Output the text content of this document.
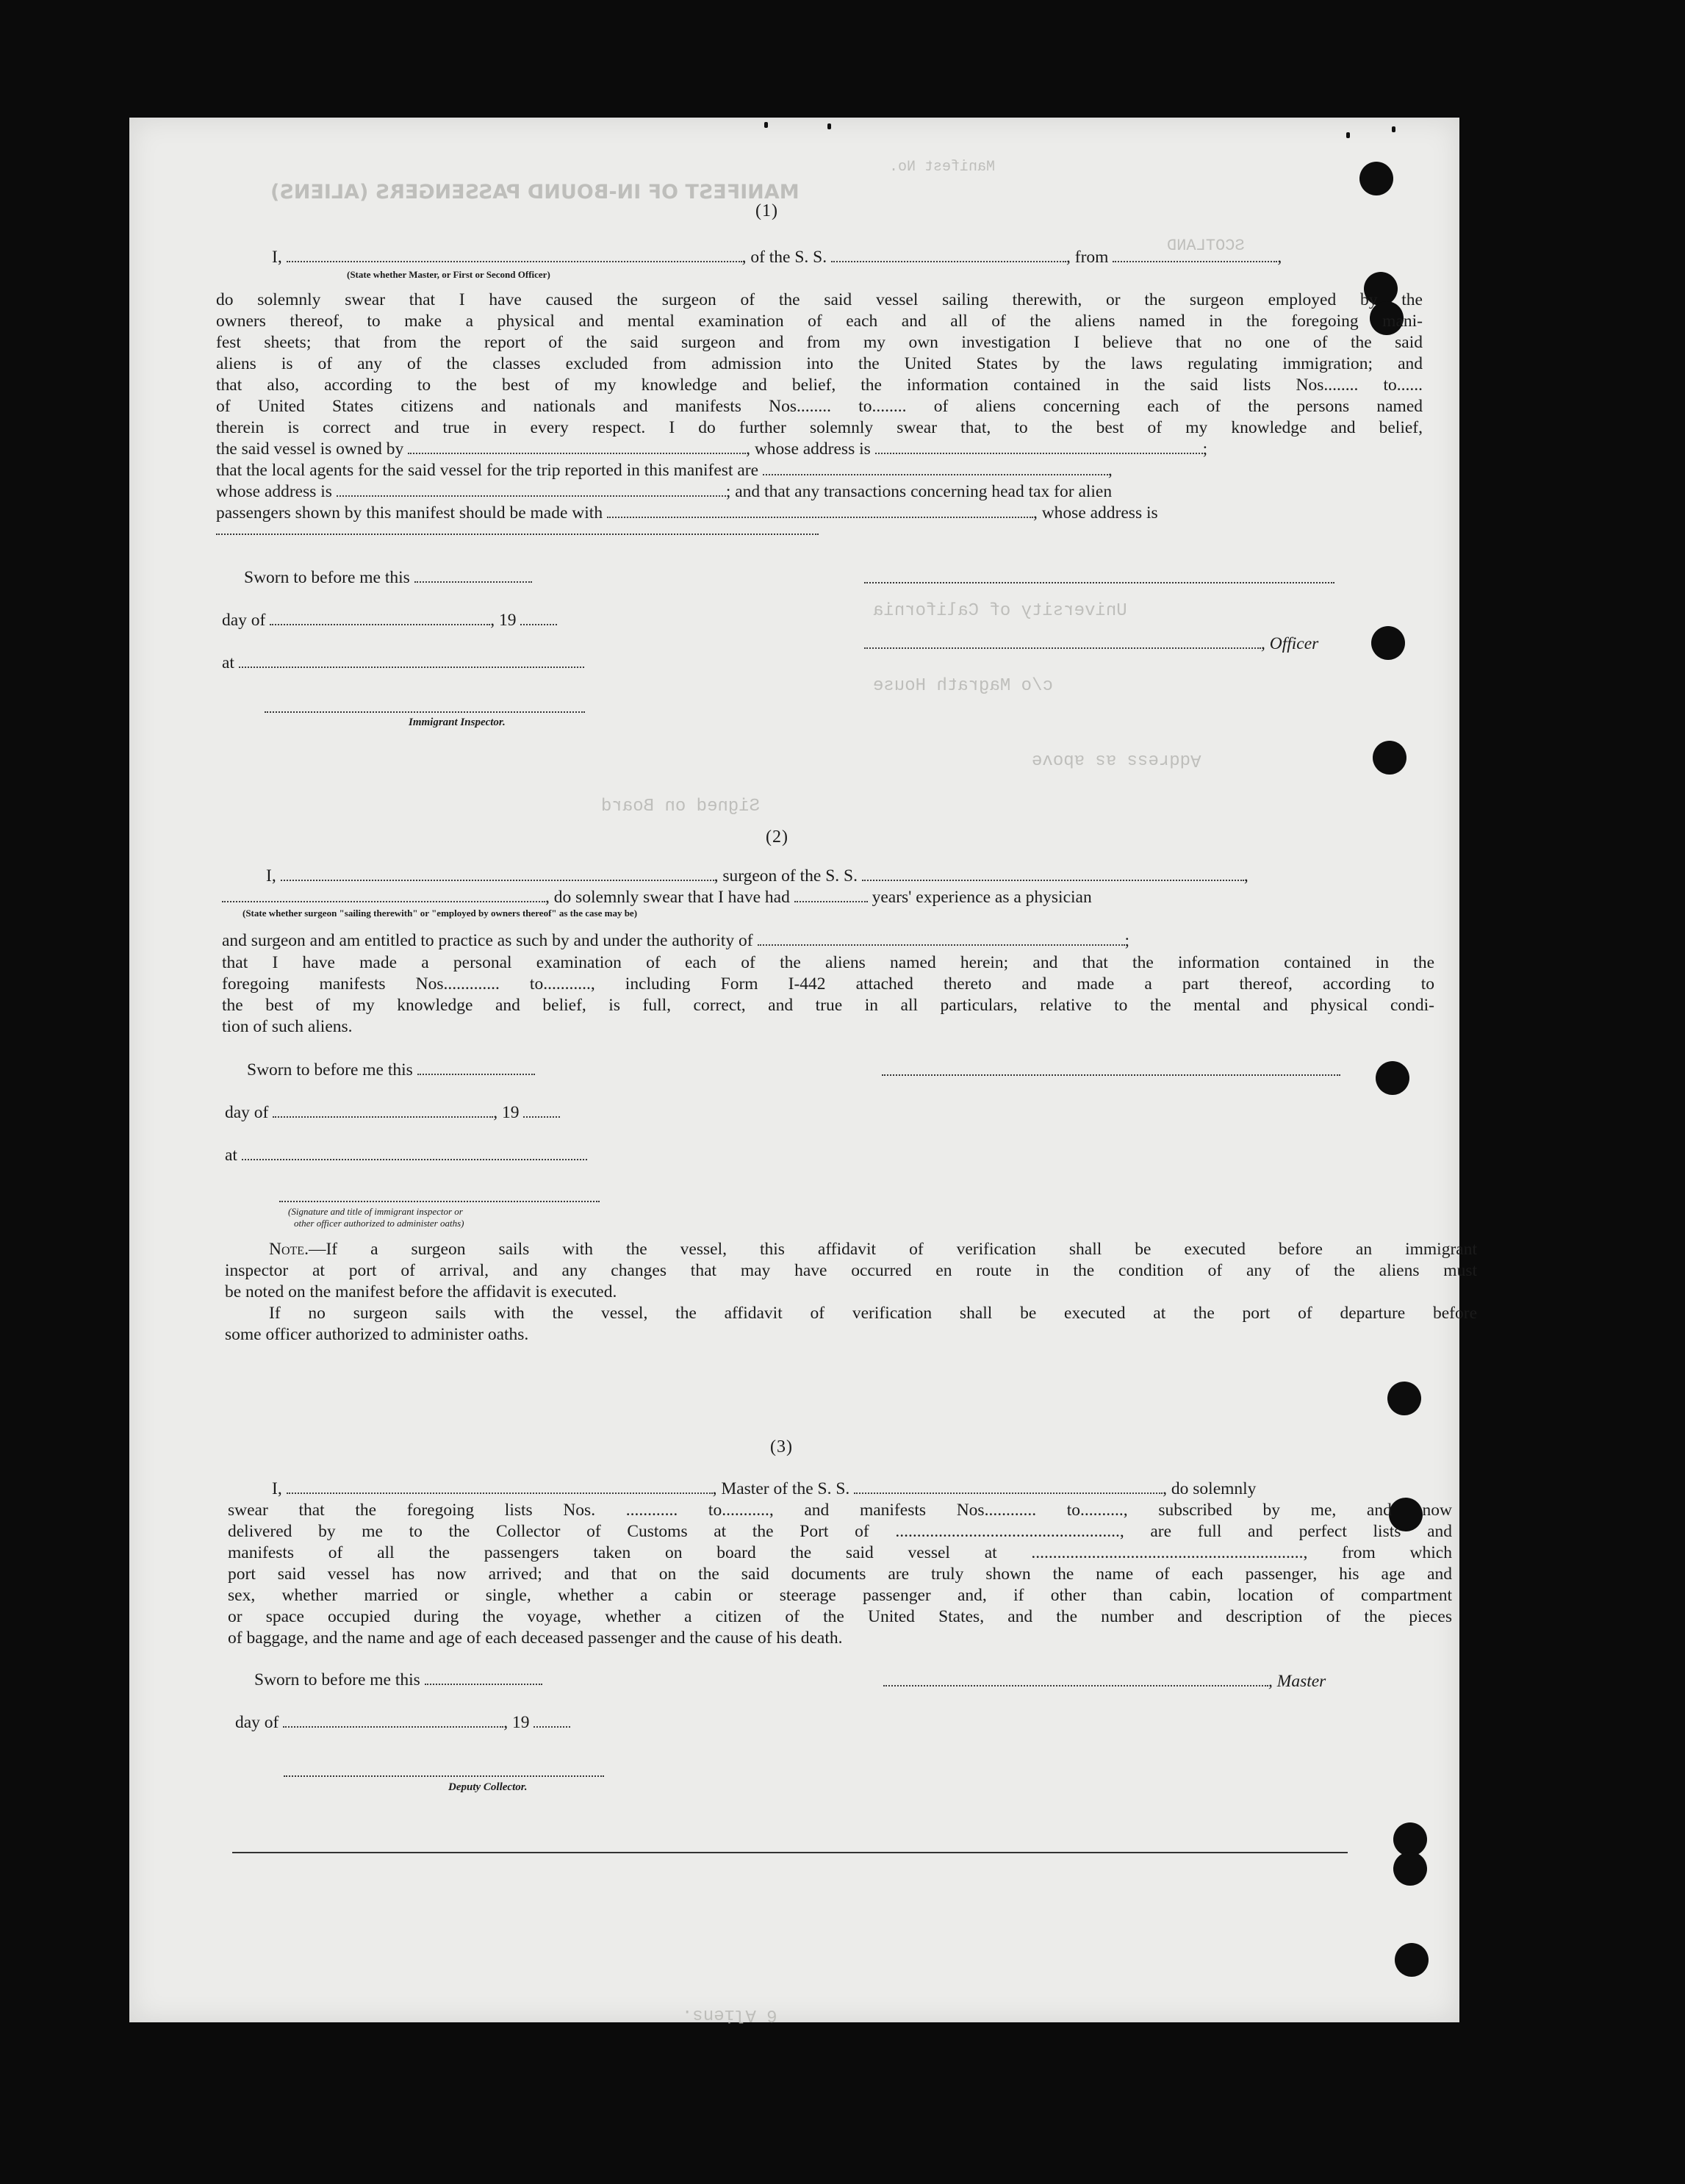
Manifest No.
MANIFEST OF IN-BOUND PASSENGERS (ALIENS)
SCOTLAND
University of California
c/o Magrath House
Address as above
Signed on Board
6 Aliens.
(1)
I,	, of the S. S.	, from	,
(State whether Master, or First or Second Officer)
do solemnly swear that I have caused the surgeon of the said vessel sailing therewith, or the surgeon employed by the
owners thereof, to make a physical and mental examination of each and all of the aliens named in the foregoing mani-
fest sheets; that from the report of the said surgeon and from my own investigation I believe that no one of the said
aliens is of any of the classes excluded from admission into the United States by the laws regulating immigration; and
that also, according to the best of my knowledge and belief, the information contained in the said lists Nos........ to......
of United States citizens and nationals and manifests Nos........ to........ of aliens concerning each of the persons named
therein is correct and true in every respect. I do further solemnly swear that, to the best of my knowledge and belief,
the said vessel is owned by	, whose address is	;
that the local agents for the said vessel for the trip reported in this manifest are	,
whose address is	; and that any transactions concerning head tax for alien
passengers shown by this manifest should be made with	, whose address is
Sworn to before me this
day of	, 19
, Officer
at
Immigrant Inspector.
(2)
I,	, surgeon of the S. S.	,
, do solemnly swear that I have had	years' experience as a physician
(State whether surgeon "sailing therewith" or "employed by owners thereof" as the case may be)
and surgeon and am entitled to practice as such by and under the authority of	;
that I have made a personal examination of each of the aliens named herein; and that the information contained in the
foregoing manifests Nos............. to..........., including Form I-442 attached thereto and made a part thereof, according to
the best of my knowledge and belief, is full, correct, and true in all particulars, relative to the mental and physical condi-
tion of such aliens.
Sworn to before me this
day of	, 19
at
(Signature and title of immigrant inspector or
other officer authorized to administer oaths)
Note.—If a surgeon sails with the vessel, this affidavit of verification shall be executed before an immigrant
inspector at port of arrival, and any changes that may have occurred en route in the condition of any of the aliens must
be noted on the manifest before the affidavit is executed.
If no surgeon sails with the vessel, the affidavit of verification shall be executed at the port of departure before
some officer authorized to administer oaths.
(3)
I,	, Master of the S. S.	, do solemnly
swear that the foregoing lists Nos. ............ to..........., and manifests Nos............ to.........., subscribed by me, and now
delivered by me to the Collector of Customs at the Port of ...................................................., are full and perfect lists and
manifests of all the passengers taken on board the said vessel at ..............................................................., from which
port said vessel has now arrived; and that on the said documents are truly shown the name of each passenger, his age and
sex, whether married or single, whether a cabin or steerage passenger and, if other than cabin, location of compartment
or space occupied during the voyage, whether a citizen of the United States, and the number and description of the pieces
of baggage, and the name and age of each deceased passenger and the cause of his death.
Sworn to before me this	, Master
day of	, 19
Deputy Collector.
